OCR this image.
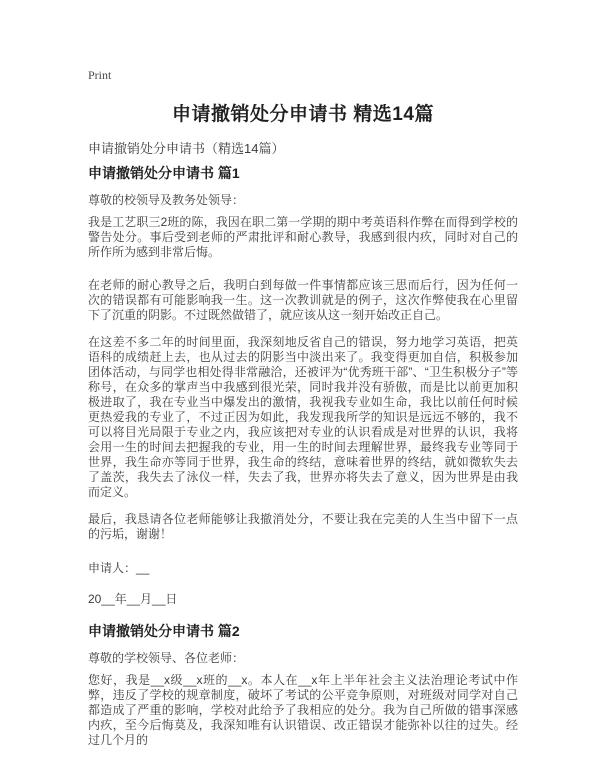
Print
申请撤销处分申请书 精选14篇
申请撤销处分申请书（精选14篇）
申请撤销处分申请书 篇1

尊敬的校领导及教务处领导：

我是工艺职三2班的陈，我因在职二第一学期的期中考英语科作弊在而得到学校的警告处分。事后受到老师的严肃批评和耐心教导，我感到很内疚，同时对自己的所作所为感到非常后悔。

在老师的耐心教导之后，我明白到每做一件事情都应该三思而后行，因为任何一次的错误都有可能影响我一生。这一次教训就是的例子，这次作弊使我在心里留下了沉重的阴影。不过既然做错了，就应该从这一刻开始改正自己。

在这差不多二年的时间里面，我深刻地反省自己的错误，努力地学习英语，把英语科的成绩赶上去，也从过去的阴影当中淡出来了。我变得更加自信，积极参加团体活动，与同学也相处得非常融洽，还被评为“优秀班干部”、“卫生积极分子”等称号，在众多的掌声当中我感到很光荣，同时我并没有骄傲，而是比以前更加积极进取了，我在专业当中爆发出的激情，我视我专业如生命，我比以前任何时候更热爱我的专业了，不过正因为如此，我发现我所学的知识是远远不够的，我不可以将目光局限于专业之内，我应该把对专业的认识看成是对世界的认识，我将会用一生的时间去把握我的专业，用一生的时间去理解世界，最终我专业等同于世界，我生命亦等同于世界，我生命的终结，意味着世界的终结，就如微软失去了盖茨，我失去了泳仪一样，失去了我，世界亦将失去了意义，因为世界是由我而定义。

最后，我恳请各位老师能够让我撤消处分，不要让我在完美的人生当中留下一点的污垢，谢谢！

申请人：__

20__年__月__日

申请撤销处分申请书 篇2

尊敬的学校领导、各位老师：

您好，我是__x级__x班的__x。本人在__x年上半年社会主义法治理论考试中作弊，违反了学校的规章制度，破坏了考试的公平竞争原则，对班级对同学对自己都造成了严重的影响，学校对此给予了我相应的处分。我为自己所做的错事深感内疚，至今后悔莫及，我深知唯有认识错误、改正错误才能弥补以往的过失。经过几个月的
